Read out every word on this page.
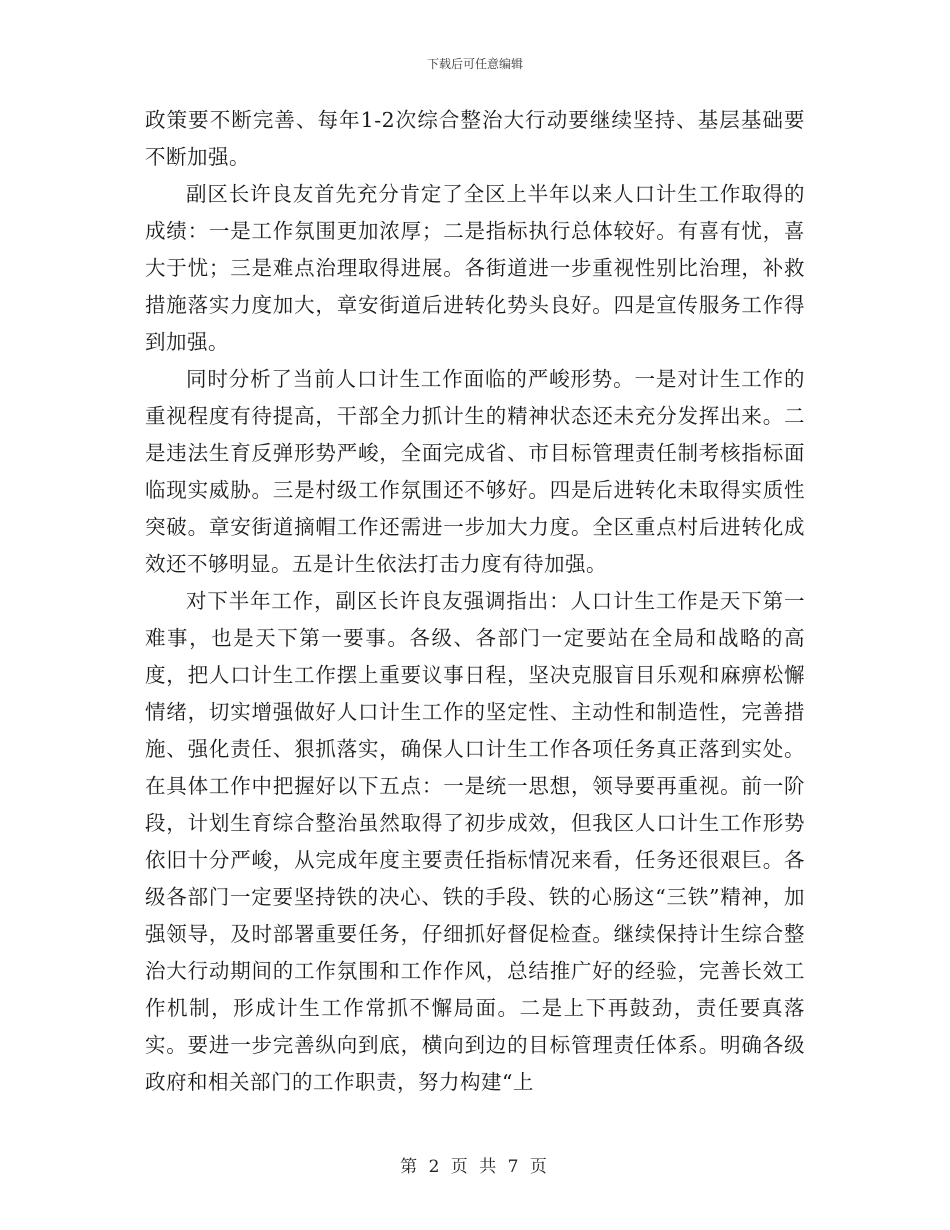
下载后可任意编辑

政策要不断完善、每年1-2次综合整治大行动要继续坚持、基层基础要不断加强。

副区长许良友首先充分肯定了全区上半年以来人口计生工作取得的成绩：一是工作氛围更加浓厚；二是指标执行总体较好。有喜有忧，喜大于忧；三是难点治理取得进展。各街道进一步重视性别比治理，补救措施落实力度加大，章安街道后进转化势头良好。四是宣传服务工作得到加强。

同时分析了当前人口计生工作面临的严峻形势。一是对计生工作的重视程度有待提高，干部全力抓计生的精神状态还未充分发挥出来。二是违法生育反弹形势严峻，全面完成省、市目标管理责任制考核指标面临现实威胁。三是村级工作氛围还不够好。四是后进转化未取得实质性突破。章安街道摘帽工作还需进一步加大力度。全区重点村后进转化成效还不够明显。五是计生依法打击力度有待加强。

对下半年工作，副区长许良友强调指出：人口计生工作是天下第一难事，也是天下第一要事。各级、各部门一定要站在全局和战略的高度，把人口计生工作摆上重要议事日程，坚决克服盲目乐观和麻痹松懈情绪，切实增强做好人口计生工作的坚定性、主动性和制造性，完善措施、强化责任、狠抓落实，确保人口计生工作各项任务真正落到实处。在具体工作中把握好以下五点：一是统一思想，领导要再重视。前一阶段，计划生育综合整治虽然取得了初步成效，但我区人口计生工作形势依旧十分严峻，从完成年度主要责任指标情况来看，任务还很艰巨。各级各部门一定要坚持铁的决心、铁的手段、铁的心肠这“三铁”精神，加强领导，及时部署重要任务，仔细抓好督促检查。继续保持计生综合整治大行动期间的工作氛围和工作作风，总结推广好的经验，完善长效工作机制，形成计生工作常抓不懈局面。二是上下再鼓劲，责任要真落实。要进一步完善纵向到底，横向到边的目标管理责任体系。明确各级政府和相关部门的工作职责，努力构建“上

第 2 页 共 7 页
